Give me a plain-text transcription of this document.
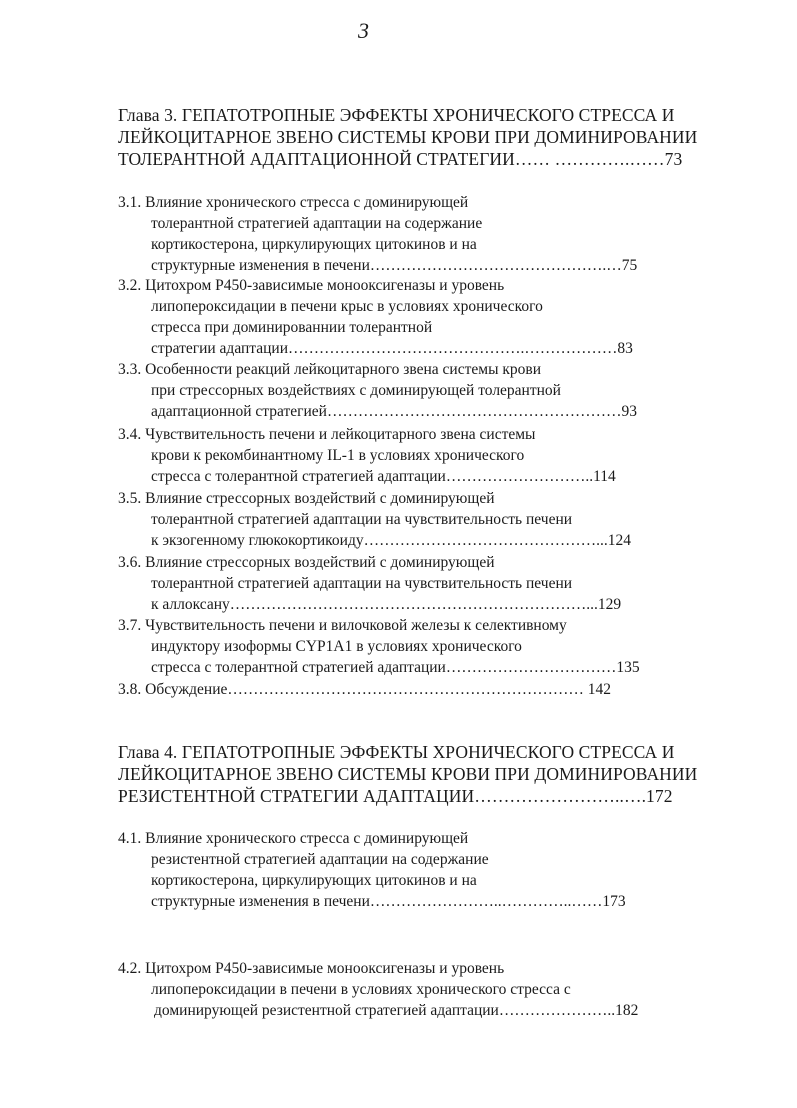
3
Глава 3. ГЕПАТОТРОПНЫЕ ЭФФЕКТЫ ХРОНИЧЕСКОГО СТРЕССА И
ЛЕЙКОЦИТАРНОЕ ЗВЕНО СИСТЕМЫ КРОВИ ПРИ ДОМИНИРОВАНИИ
ТОЛЕРАНТНОЙ АДАПТАЦИОННОЙ СТРАТЕГИИ…… ………….……73
3.1. Влияние хронического стресса с доминирующей
толерантной стратегией адаптации на содержание
кортикостерона, циркулирующих цитокинов и на
структурные изменения в печени……………………………………….…75
3.2. Цитохром Р450-зависимые монооксигеназы и уровень
липопероксидации в печени крыс в условиях хронического
стресса при доминированнии толерантной
стратегии адаптации……………………………………….………………83
3.3. Особенности реакций лейкоцитарного звена системы крови
при стрессорных воздействиях с доминирующей толерантной
адаптационной стратегией…………………………………………………93
3.4. Чувствительность печени и лейкоцитарного звена системы
крови к рекомбинантному IL-1 в условиях хронического
стресса с толерантной стратегией адаптации………………………..114
3.5. Влияние стрессорных воздействий с доминирующей
толерантной стратегией адаптации на чувствительность печени
к экзогенному глюкокортикоиду………………………………………...124
3.6. Влияние стрессорных воздействий с доминирующей
толерантной стратегией адаптации на чувствительность печени
к аллоксану……………………………………………………………...129
3.7. Чувствительность печени и вилочковой железы к селективному
индуктору изоформы CYP1A1 в условиях хронического
стресса с толерантной стратегией адаптации……………………………135
3.8. Обсуждение…………………………………………………………… 142
Глава 4. ГЕПАТОТРОПНЫЕ ЭФФЕКТЫ ХРОНИЧЕСКОГО СТРЕССА И
ЛЕЙКОЦИТАРНОЕ ЗВЕНО СИСТЕМЫ КРОВИ ПРИ ДОМИНИРОВАНИИ
РЕЗИСТЕНТНОЙ СТРАТЕГИИ АДАПТАЦИИ……………………..….172
4.1. Влияние хронического стресса с доминирующей
резистентной стратегией адаптации на содержание
кортикостерона, циркулирующих цитокинов и на
структурные изменения в печени……………………..…………..……173
4.2. Цитохром Р450-зависимые монооксигеназы и уровень
липопероксидации в печени в условиях хронического стресса с
доминирующей резистентной стратегией адаптации…………………..182
